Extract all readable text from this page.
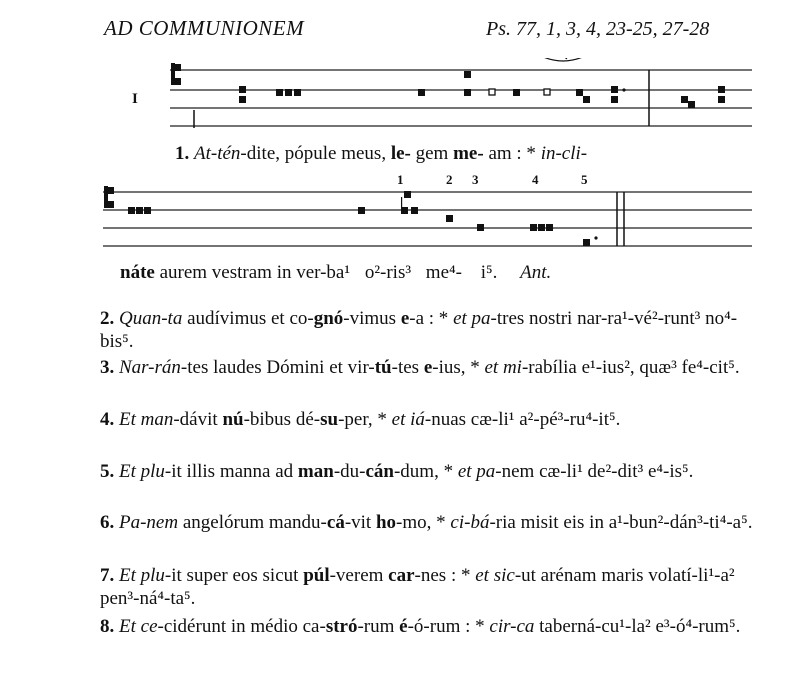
AD COMMUNIONEM	Ps. 77, 1, 3, 4, 23-25, 27-28
I
1. At-tén-dite, pópule meus, le- gem me- am : * in-cli-
1	2 3	4	5
náte aurem vestram in ver-ba¹ o²-ris³ me⁴- i⁵. Ant.
2. Quan-ta audívimus et co-gnó-vimus e-a : * et pa-tres nostri nar-ra¹-vé²-runt³ no⁴-bis⁵.
3. Nar-rán-tes laudes Dómini et vir-tú-tes e-ius, * et mi-rabília e¹-ius², quæ³ fe⁴-cit⁵.
4. Et man-dávit nú-bibus dé-su-per, * et iá-nuas cæ-li¹ a²-pé³-ru⁴-it⁵.
5. Et plu-it illis manna ad man-du-cán-dum, * et pa-nem cæ-li¹ de²-dit³ e⁴-is⁵.
6. Pa-nem angelórum mandu-cá-vit ho-mo, * ci-bá-ria misit eis in a¹-bun²-dán³-ti⁴-a⁵.
7. Et plu-it super eos sicut púl-verem car-nes : * et sic-ut arénam maris volatí-li¹-a² pen³-ná⁴-ta⁵.
8. Et ce-cidérunt in médio ca-stró-rum é-ó-rum : * cir-ca taberná-cu¹-la² e³-ó⁴-rum⁵.
